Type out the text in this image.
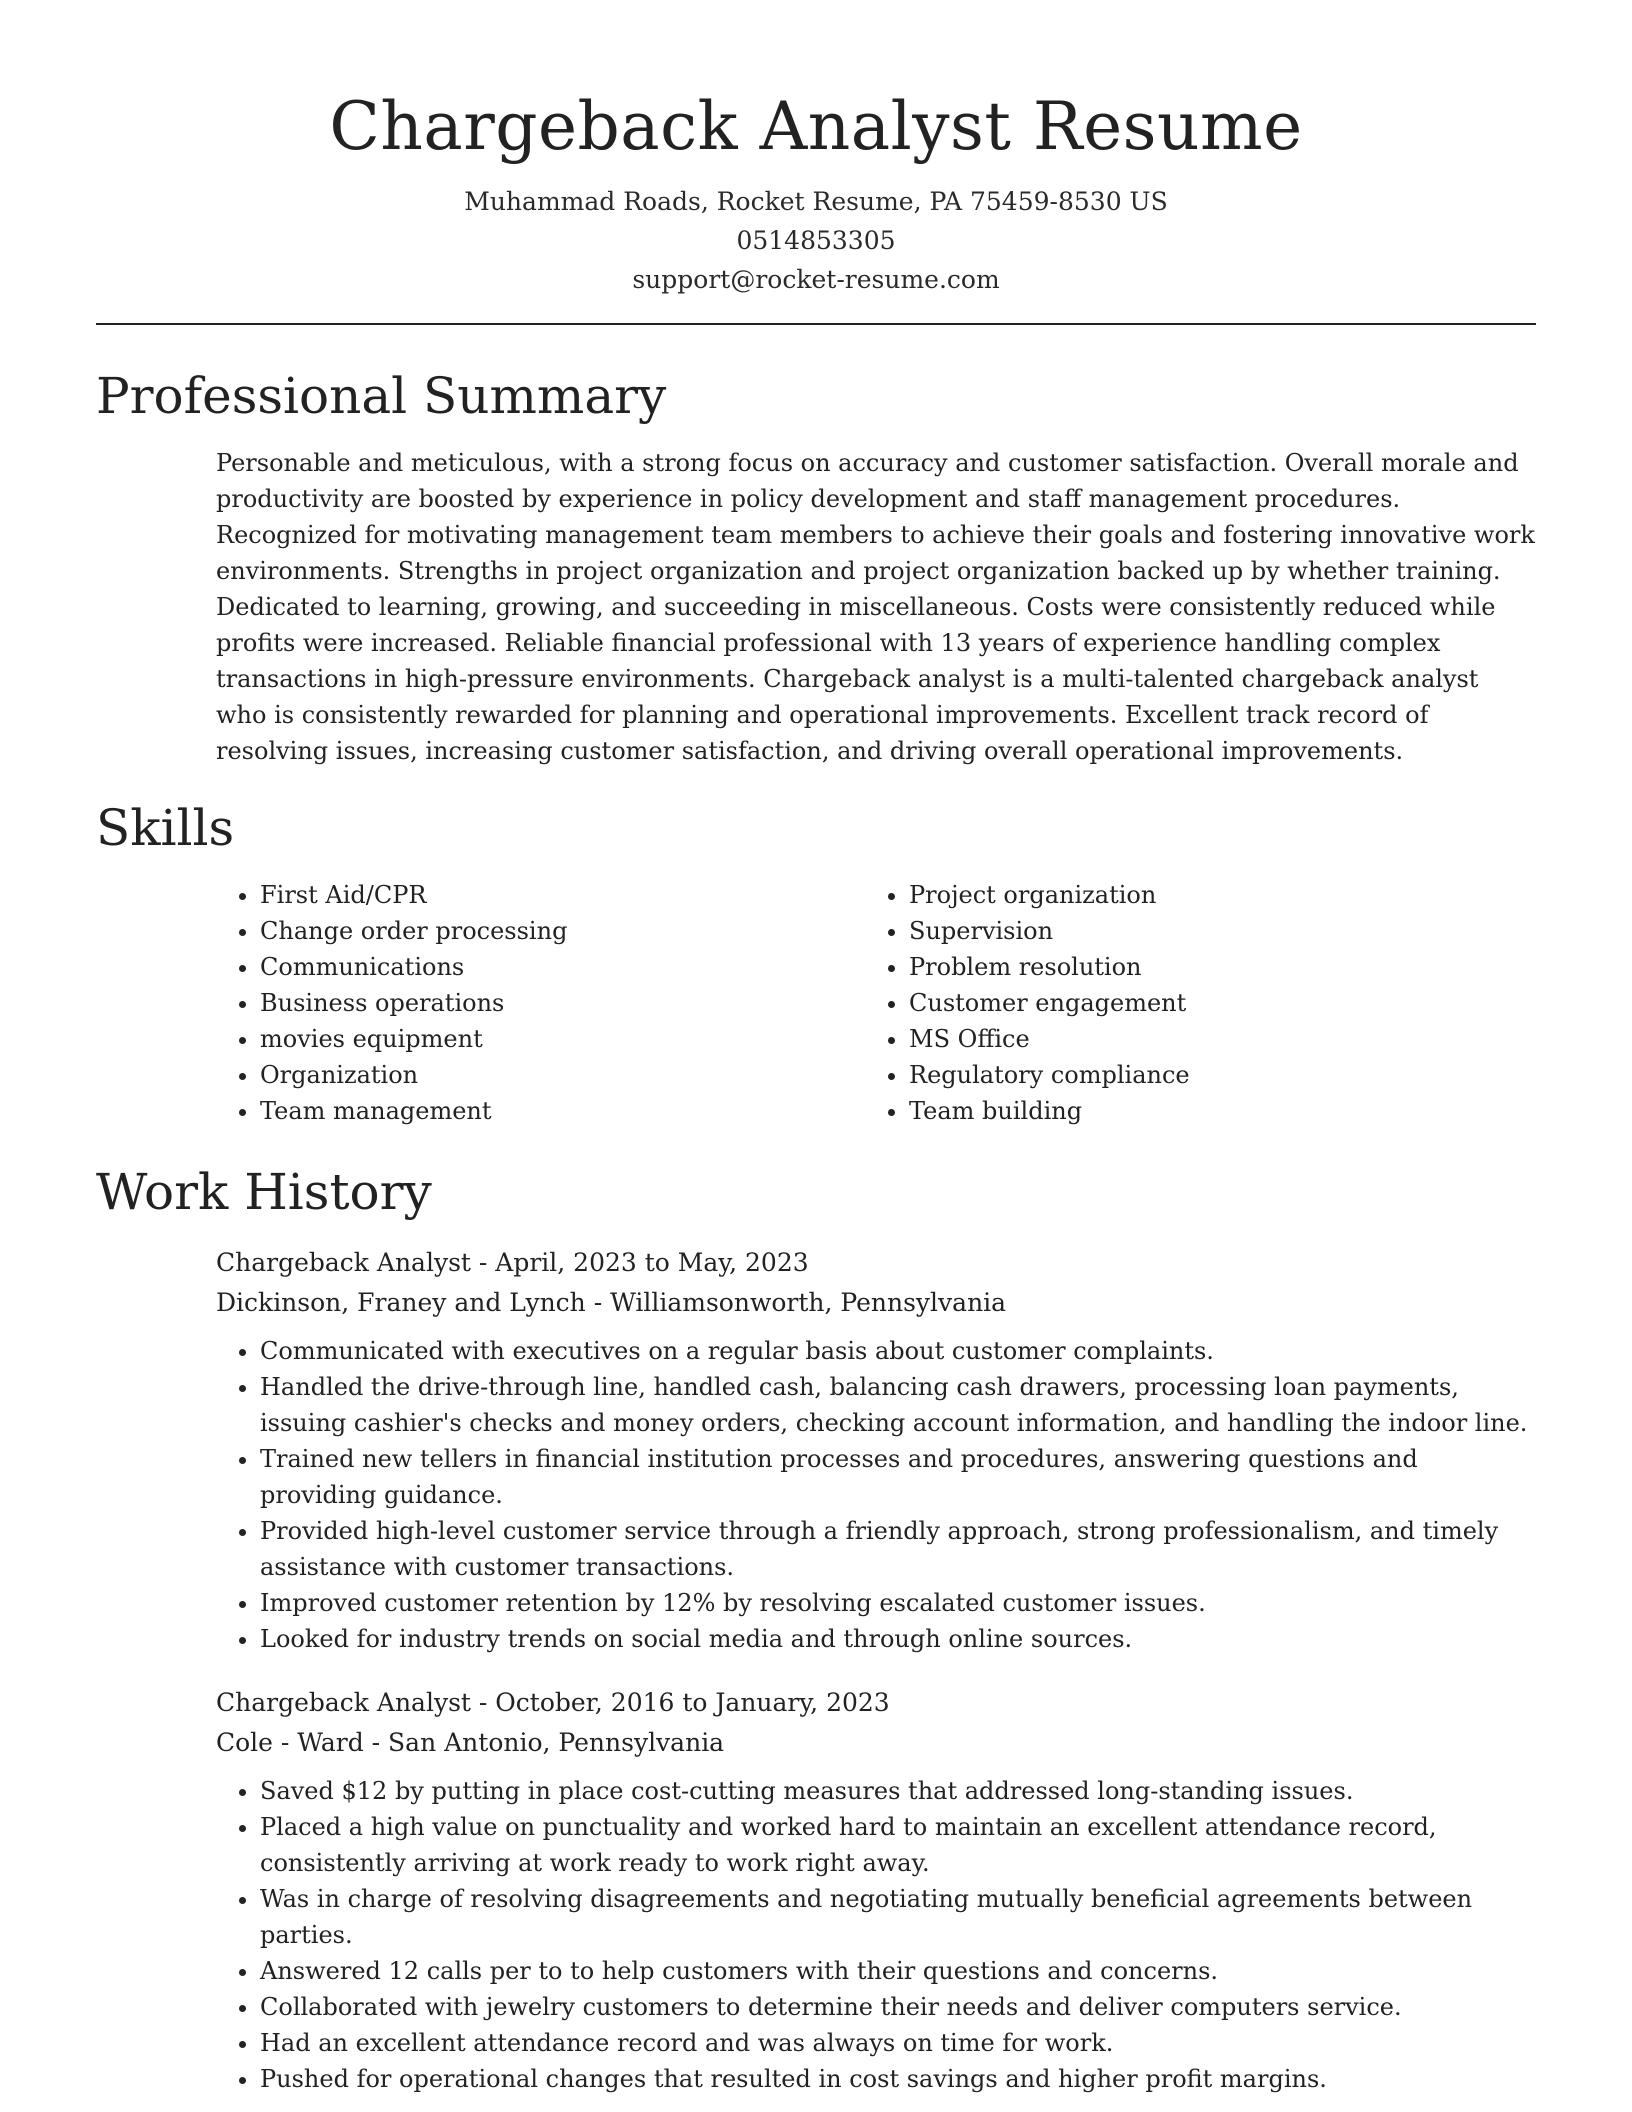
Chargeback Analyst Resume
Muhammad Roads, Rocket Resume, PA 75459-8530 US
0514853305
support@rocket-resume.com
Professional Summary

Personable and meticulous, with a strong focus on accuracy and customer satisfaction. Overall morale and productivity are boosted by experience in policy development and staff management procedures. Recognized for motivating management team members to achieve their goals and fostering innovative work environments. Strengths in project organization and project organization backed up by whether training. Dedicated to learning, growing, and succeeding in miscellaneous. Costs were consistently reduced while profits were increased. Reliable financial professional with 13 years of experience handling complex transactions in high-pressure environments. Chargeback analyst is a multi-talented chargeback analyst who is consistently rewarded for planning and operational improvements. Excellent track record of resolving issues, increasing customer satisfaction, and driving overall operational improvements.

Skills
• First Aid/CPR
• Change order processing
• Communications
• Business operations
• movies equipment
• Organization
• Team management
• Project organization
• Supervision
• Problem resolution
• Customer engagement
• MS Office
• Regulatory compliance
• Team building
Work History
Chargeback Analyst - April, 2023 to May, 2023
Dickinson, Franey and Lynch - Williamsonworth, Pennsylvania
• Communicated with executives on a regular basis about customer complaints.
• Handled the drive-through line, handled cash, balancing cash drawers, processing loan payments, issuing cashier's checks and money orders, checking account information, and handling the indoor line.
• Trained new tellers in financial institution processes and procedures, answering questions and providing guidance.
• Provided high-level customer service through a friendly approach, strong professionalism, and timely assistance with customer transactions.
• Improved customer retention by 12% by resolving escalated customer issues.
• Looked for industry trends on social media and through online sources.
Chargeback Analyst - October, 2016 to January, 2023
Cole - Ward - San Antonio, Pennsylvania
• Saved $12 by putting in place cost-cutting measures that addressed long-standing issues.
• Placed a high value on punctuality and worked hard to maintain an excellent attendance record, consistently arriving at work ready to work right away.
• Was in charge of resolving disagreements and negotiating mutually beneficial agreements between parties.
• Answered 12 calls per to to help customers with their questions and concerns.
• Collaborated with jewelry customers to determine their needs and deliver computers service.
• Had an excellent attendance record and was always on time for work.
• Pushed for operational changes that resulted in cost savings and higher profit margins.
